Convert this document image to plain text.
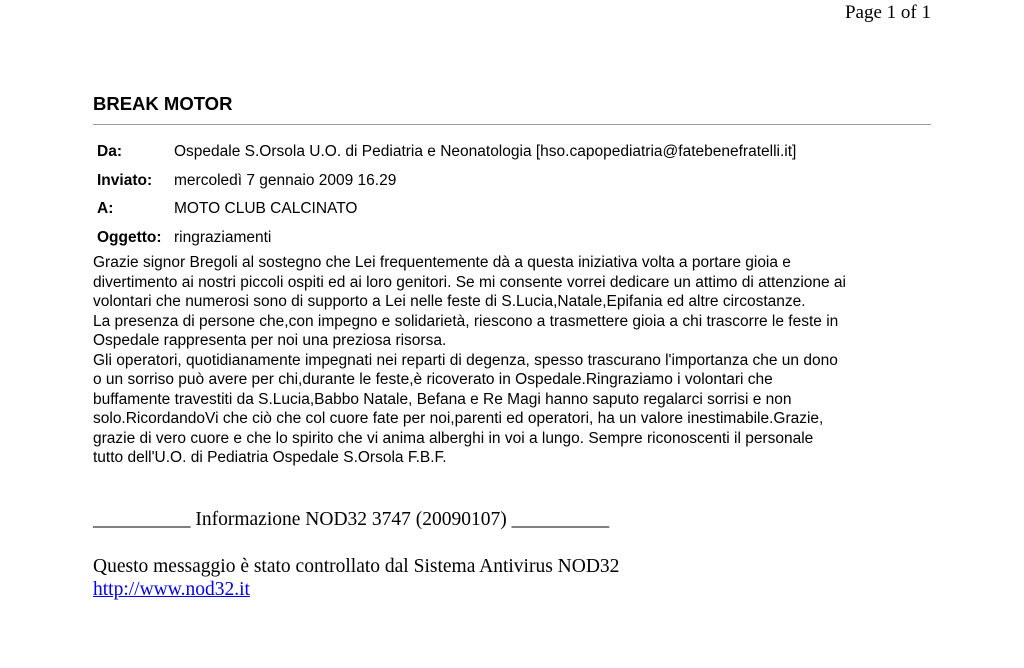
Page 1 of 1
BREAK MOTOR
Da:	Ospedale S.Orsola U.O. di Pediatria e Neonatologia [hso.capopediatria@fatebenefratelli.it]
Inviato:	mercoledì 7 gennaio 2009 16.29
A:	MOTO CLUB CALCINATO
Oggetto: ringraziamenti
Grazie signor Bregoli al sostegno che Lei frequentemente dà a questa iniziativa volta a portare gioia e
divertimento ai nostri piccoli ospiti ed ai loro genitori. Se mi consente vorrei dedicare un attimo di attenzione ai
volontari che numerosi sono di supporto a Lei nelle feste di S.Lucia,Natale,Epifania ed altre circostanze.
La presenza di persone che,con impegno e solidarietà, riescono a trasmettere gioia a chi trascorre le feste in
Ospedale rappresenta per noi una preziosa risorsa.
Gli operatori, quotidianamente impegnati nei reparti di degenza, spesso trascurano l'importanza che un dono
o un sorriso può avere per chi,durante le feste,è ricoverato in Ospedale.Ringraziamo i volontari che
buffamente travestiti da S.Lucia,Babbo Natale, Befana e Re Magi hanno saputo regalarci sorrisi e non
solo.RicordandoVi che ciò che col cuore fate per noi,parenti ed operatori, ha un valore inestimabile.Grazie,
grazie di vero cuore e che lo spirito che vi anima alberghi in voi a lungo. Sempre riconoscenti il personale
tutto dell'U.O. di Pediatria Ospedale S.Orsola F.B.F.
__________ Informazione NOD32 3747 (20090107) __________
Questo messaggio è stato controllato dal Sistema Antivirus NOD32
http://www.nod32.it
